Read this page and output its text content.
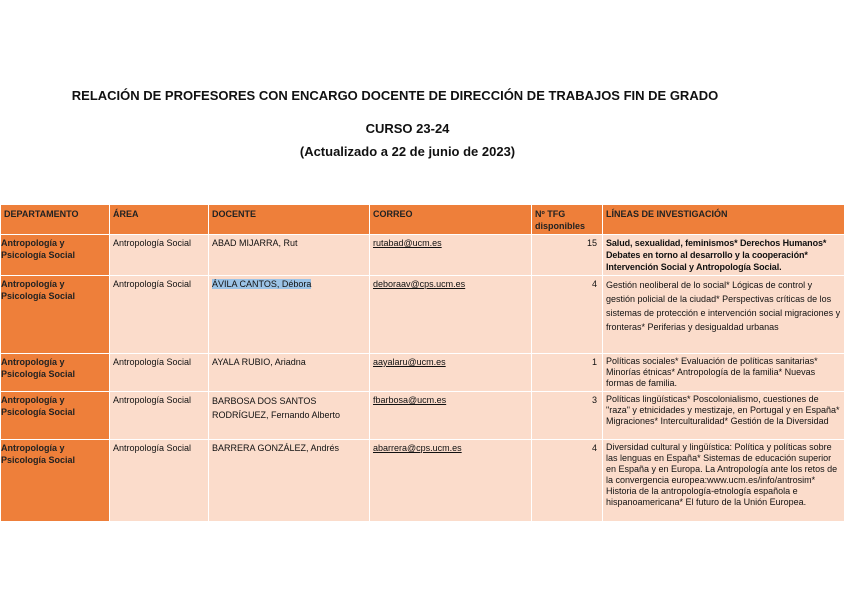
RELACIÓN DE PROFESORES CON ENCARGO DOCENTE DE DIRECCIÓN DE TRABAJOS FIN DE GRADO
CURSO 23-24
(Actualizado a 22 de junio de 2023)
DEPARTAMENTO	ÁREA	DOCENTE	CORREO	Nº TFG disponibles	LÍNEAS DE INVESTIGACIÓN
Antropología y Psicología Social	Antropología Social	ABAD MIJARRA, Rut	rutabad@ucm.es	15	Salud, sexualidad, feminismos* Derechos Humanos* Debates en torno al desarrollo y la cooperación* Intervención Social y Antropología Social.
Antropología y Psicología Social	Antropología Social	ÁVILA CANTOS, Débora	deboraav@cps.ucm.es	4	Gestión neoliberal de lo social* Lógicas de control y gestión policial de la ciudad* Perspectivas críticas de los sistemas de protección e intervención social migraciones y fronteras* Periferias y desigualdad urbanas
Antropología y Psicología Social	Antropología Social	AYALA RUBIO, Ariadna	aayalaru@ucm.es	1	Políticas sociales* Evaluación de políticas sanitarias* Minorías étnicas* Antropología de la familia* Nuevas formas de familia.
Antropología y Psicología Social	Antropología Social	BARBOSA DOS SANTOS RODRÍGUEZ, Fernando Alberto	fbarbosa@ucm.es	3	Políticas lingüísticas* Poscolonialismo, cuestiones de "raza" y etnicidades y mestizaje, en Portugal y en España* Migraciones* Interculturalidad* Gestión de la Diversidad
Antropología y Psicología Social	Antropología Social	BARRERA GONZÁLEZ, Andrés	abarrera@cps.ucm.es	4	Diversidad cultural y lingüística: Política y políticas sobre las lenguas en España* Sistemas de educación superior en España y en Europa. La Antropología ante los retos de la convergencia europea:www.ucm.es/info/antrosim* Historia de la antropología-etnología española e hispanoamericana* El futuro de la Unión Europea.
